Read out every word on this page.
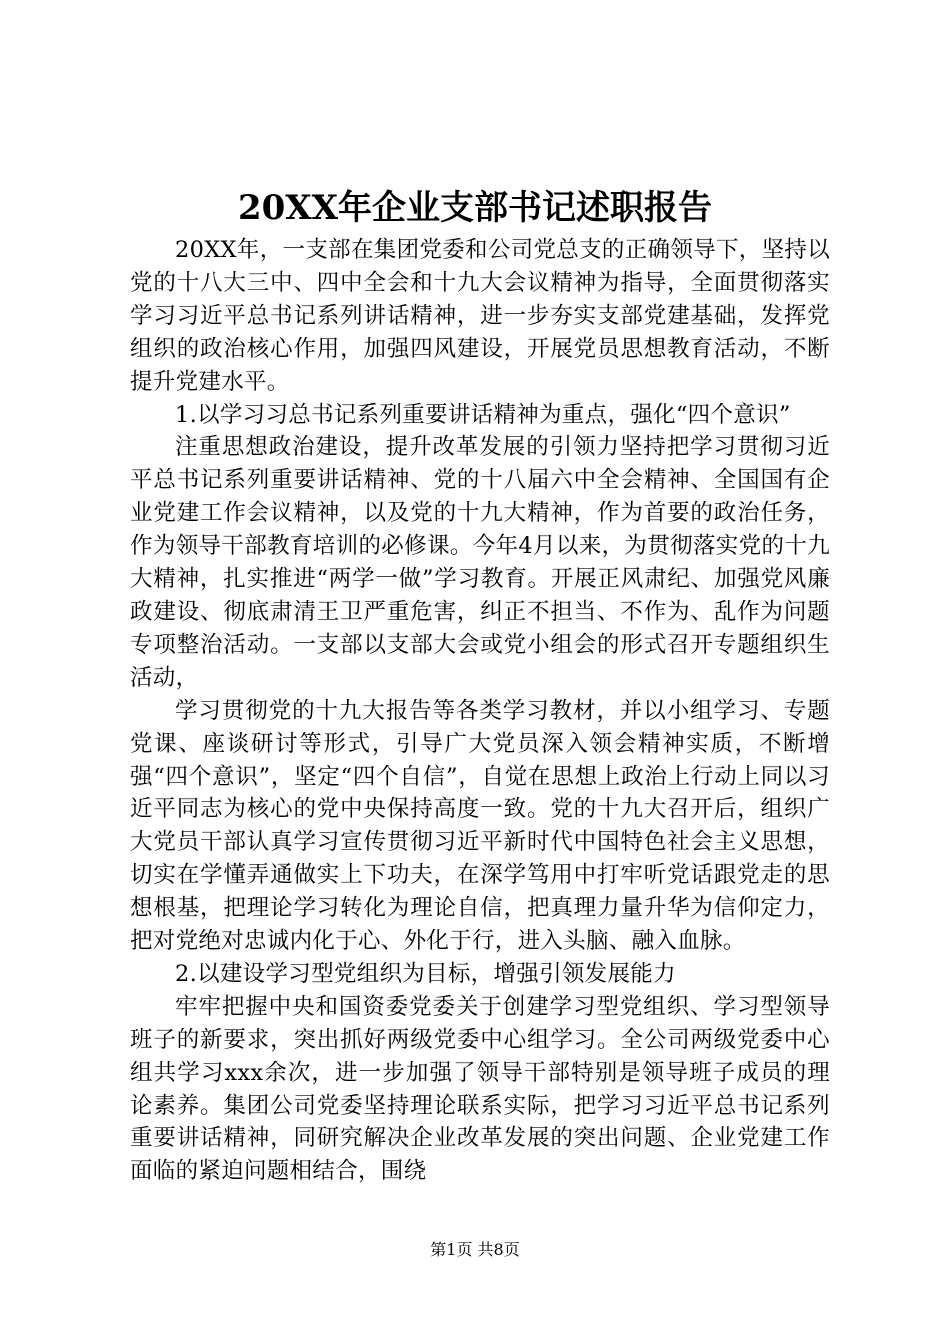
20XX年企业支部书记述职报告

20XX年，一支部在集团党委和公司党总支的正确领导下，坚持以党的十八大三中、四中全会和十九大会议精神为指导，全面贯彻落实学习习近平总书记系列讲话精神，进一步夯实支部党建基础，发挥党组织的政治核心作用，加强四风建设，开展党员思想教育活动，不断提升党建水平。

1.以学习习总书记系列重要讲话精神为重点，强化“四个意识”

注重思想政治建设，提升改革发展的引领力坚持把学习贯彻习近平总书记系列重要讲话精神、党的十八届六中全会精神、全国国有企业党建工作会议精神，以及党的十九大精神，作为首要的政治任务，作为领导干部教育培训的必修课。今年4月以来，为贯彻落实党的十九大精神，扎实推进“两学一做”学习教育。开展正风肃纪、加强党风廉政建设、彻底肃清王卫严重危害，纠正不担当、不作为、乱作为问题专项整治活动。一支部以支部大会或党小组会的形式召开专题组织生活动，

学习贯彻党的十九大报告等各类学习教材，并以小组学习、专题党课、座谈研讨等形式，引导广大党员深入领会精神实质，不断增强“四个意识”，坚定“四个自信”，自觉在思想上政治上行动上同以习近平同志为核心的党中央保持高度一致。党的十九大召开后，组织广大党员干部认真学习宣传贯彻习近平新时代中国特色社会主义思想，切实在学懂弄通做实上下功夫，在深学笃用中打牢听党话跟党走的思想根基，把理论学习转化为理论自信，把真理力量升华为信仰定力，把对党绝对忠诚内化于心、外化于行，进入头脑、融入血脉。

2.以建设学习型党组织为目标，增强引领发展能力

牢牢把握中央和国资委党委关于创建学习型党组织、学习型领导班子的新要求，突出抓好两级党委中心组学习。全公司两级党委中心组共学习xxx余次，进一步加强了领导干部特别是领导班子成员的理论素养。集团公司党委坚持理论联系实际，把学习习近平总书记系列重要讲话精神，同研究解决企业改革发展的突出问题、企业党建工作面临的紧迫问题相结合，围绕

第1页 共8页
